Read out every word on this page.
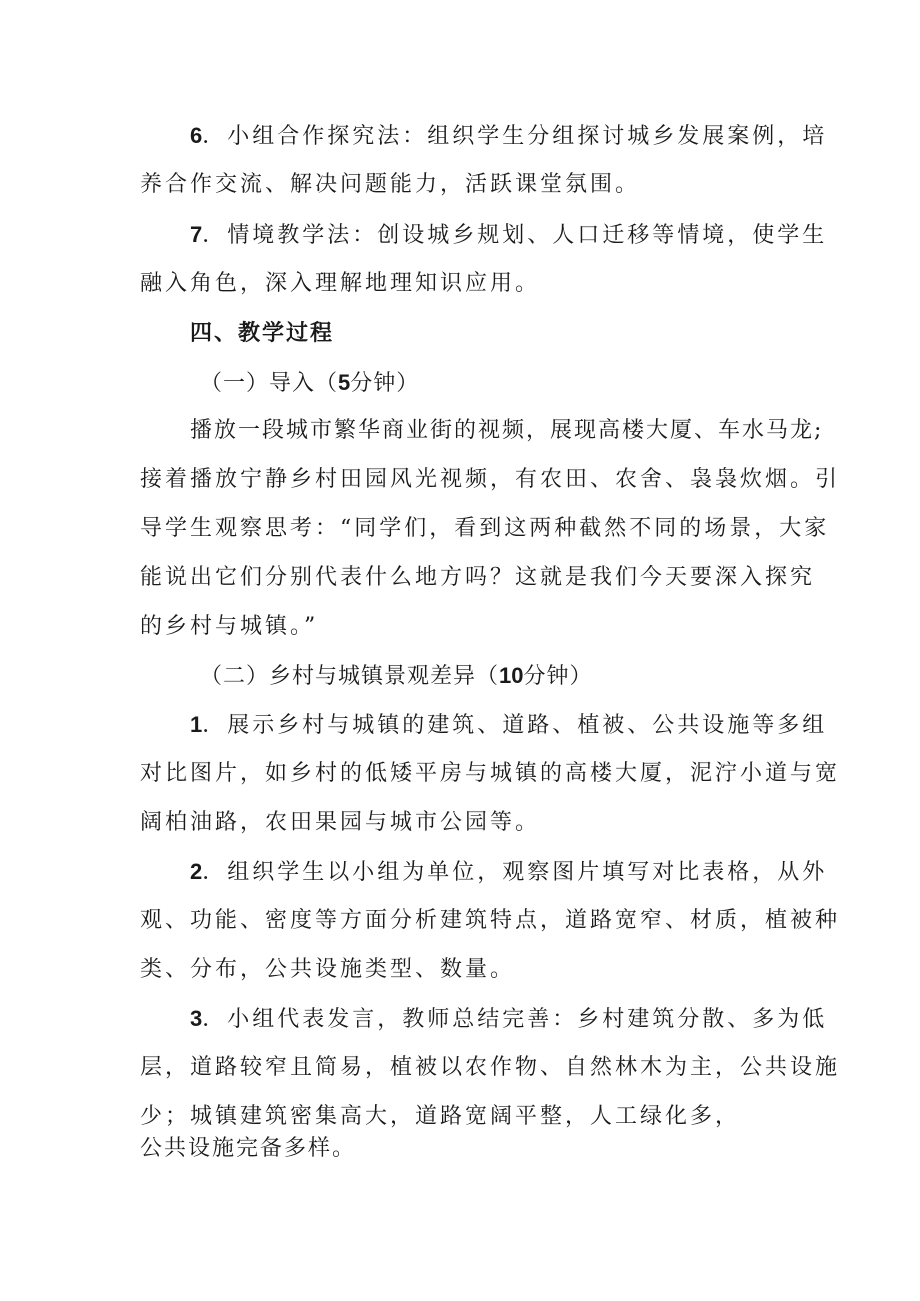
6．小组合作探究法：组织学生分组探讨城乡发展案例，培
养合作交流、解决问题能力，活跃课堂氛围。
7．情境教学法：创设城乡规划、人口迁移等情境，使学生
融入角色，深入理解地理知识应用。
四、教学过程
（一）导入（5分钟）
播放一段城市繁华商业街的视频，展现高楼大厦、车水马龙;
接着播放宁静乡村田园风光视频，有农田、农舍、袅袅炊烟。引
导学生观察思考：“同学们，看到这两种截然不同的场景，大家
能说出它们分别代表什么地方吗？这就是我们今天要深入探究
的乡村与城镇。”
（二）乡村与城镇景观差异（10分钟）
1．展示乡村与城镇的建筑、道路、植被、公共设施等多组
对比图片，如乡村的低矮平房与城镇的高楼大厦，泥泞小道与宽
阔柏油路，农田果园与城市公园等。
2．组织学生以小组为单位，观察图片填写对比表格，从外
观、功能、密度等方面分析建筑特点，道路宽窄、材质，植被种
类、分布，公共设施类型、数量。
3．小组代表发言，教师总结完善：乡村建筑分散、多为低
层，道路较窄且简易，植被以农作物、自然林木为主，公共设施
少；城镇建筑密集高大，道路宽阔平整，人工绿化多，
公共设施完备多样。
